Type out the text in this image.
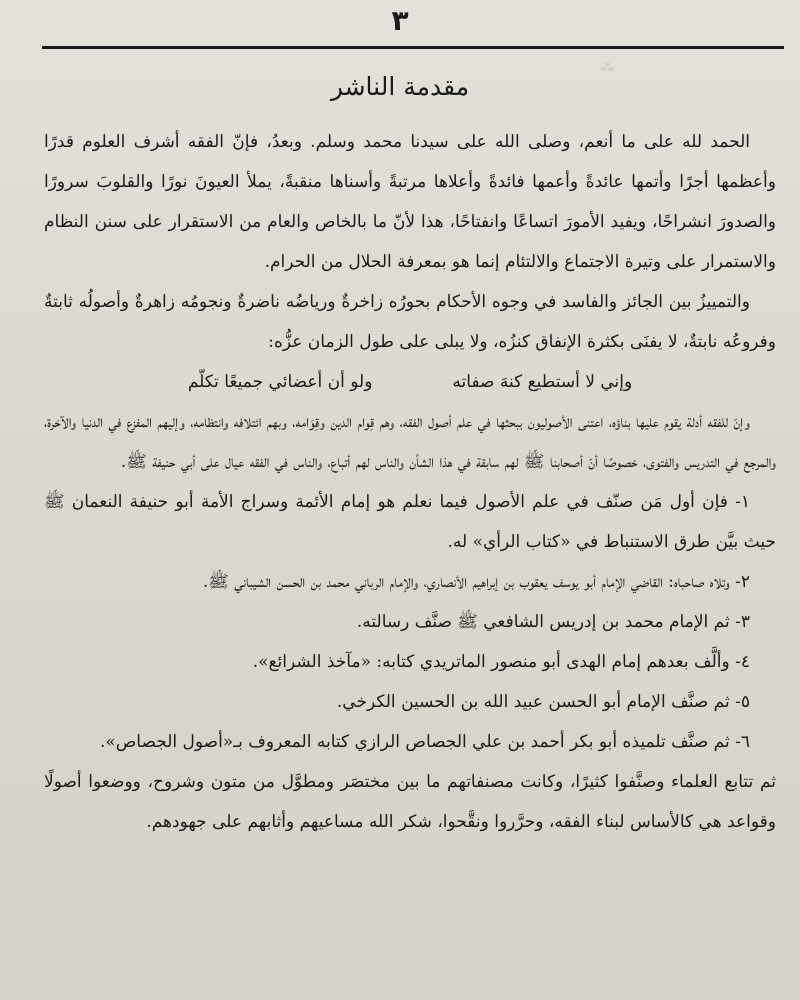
⁂
٣
مقدمة الناشر

الحمد لله على ما أنعم، وصلى الله على سيدنا محمد وسلم. وبعدُ، فإنّ الفقه أشرف العلوم قدرًا وأعظمها أجرًا وأتمها عائدةً وأعمها فائدةً وأعلاها مرتبةً وأسناها منقبةً، يملأ العيونَ نورًا والقلوبَ سرورًا والصدورَ انشراحًا، ويفيد الأمورَ اتساعًا وانفتاحًا، هذا لأنّ ما بالخاص والعام من الاستقرار على سنن النظام والاستمرار على وتيرة الاجتماع والالتئام إنما هو بمعرفة الحلال من الحرام.

والتمييزُ بين الجائز والفاسد في وجوه الأحكام بحورُه زاخرةٌ ورياضُه ناضرةٌ ونجومُه زاهرةٌ وأصولُه ثابتةٌ وفروعُه نابتةٌ، لا يفنَى بكثرة الإنفاق كنزُه، ولا يبلى على طول الزمان عزُّه:

وإني لا أستطيع كنهَ صفاته
ولو أن أعضائي جميعًا تكلّم

وإنّ للفقه أدلة يقوم عليها بناؤه، اعتنى الأصوليون ببحثها في علم أصول الفقه، وهم قِوام الدين وقِوَامه، وبهم ائتلافه وانتظامه، وإليهم المفزع في الدنيا والآخرة، والمرجع في التدريس والفتوى، خصوصًا أنّ أصحابنا ﷺ لهم سابقة في هذا الشأن والناس لهم أتباع، والناس في الفقه عيال على أبي حنيفة ﷺ.

١- فإن أول مَن صنّف في علم الأصول فيما نعلم هو إمام الأئمة وسراج الأمة أبو حنيفة النعمان ﷺ حيث بيَّن طرق الاستنباط في «كتاب الرأي» له.

٢- وتلاه صاحباه: القاضي الإمام أبو يوسف يعقوب بن إبراهيم الأنصاري، والإمام الرباني محمد بن الحسن الشيباني ﷺ.

٣- ثم الإمام محمد بن إدريس الشافعي ﷺ صنَّف رسالته.

٤- وألَّف بعدهم إمام الهدى أبو منصور الماتريدي كتابه: «مآخذ الشرائع».

٥- ثم صنَّف الإمام أبو الحسن عبيد الله بن الحسين الكرخي.

٦- ثم صنَّف تلميذه أبو بكر أحمد بن علي الجصاص الرازي كتابه المعروف بـ«أصول الجصاص».

ثم تتابع العلماء وصنَّفوا كثيرًا، وكانت مصنفاتهم ما بين مختصَر ومطوَّل من متون وشروح، ووضعوا أصولًا وقواعد هي كالأساس لبناء الفقه، وحرَّروا ونقَّحوا، شكر الله مساعيهم وأثابهم على جهودهم.
